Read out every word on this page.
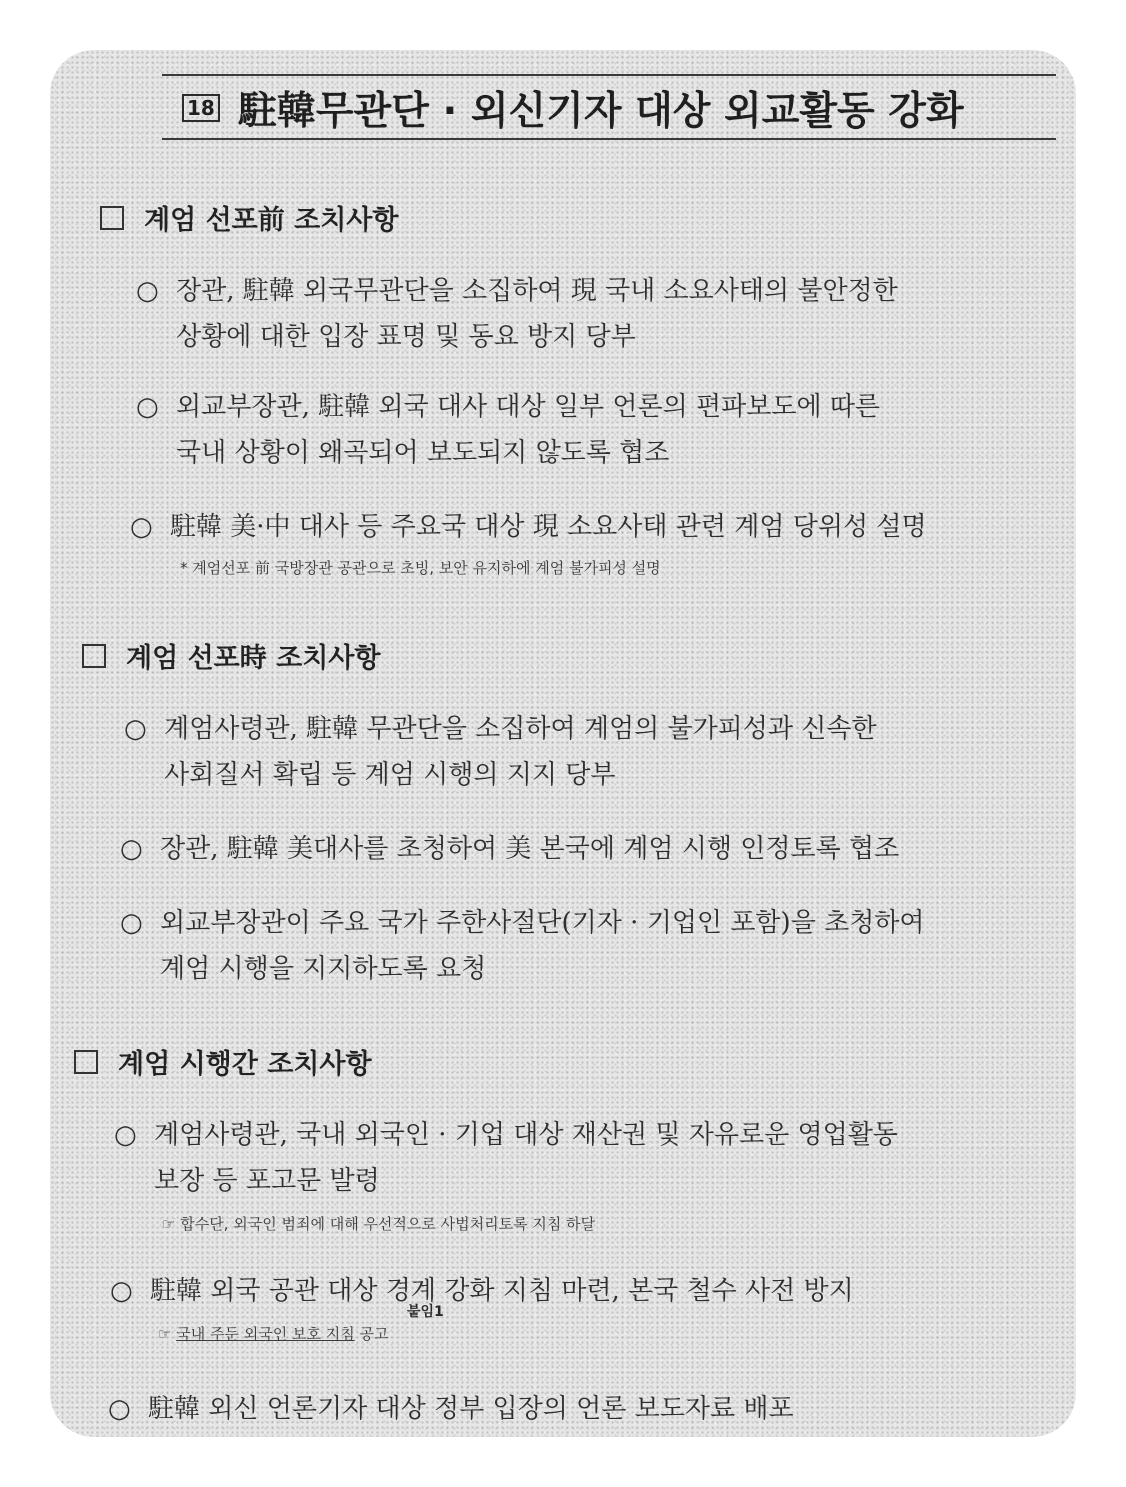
18 駐韓무관단 · 외신기자 대상 외교활동 강화
계엄 선포前 조치사항
○ 장관, 駐韓 외국무관단을 소집하여 現 국내 소요사태의 불안정한
상황에 대한 입장 표명 및 동요 방지 당부
○ 외교부장관, 駐韓 외국 대사 대상 일부 언론의 편파보도에 따른
국내 상황이 왜곡되어 보도되지 않도록 협조
○ 駐韓 美·中 대사 등 주요국 대상 現 소요사태 관련 계엄 당위성 설명
* 계엄선포 前 국방장관 공관으로 초빙, 보안 유지하에 계엄 불가피성 설명
계엄 선포時 조치사항
○ 계엄사령관, 駐韓 무관단을 소집하여 계엄의 불가피성과 신속한
사회질서 확립 등 계엄 시행의 지지 당부
○ 장관, 駐韓 美대사를 초청하여 美 본국에 계엄 시행 인정토록 협조
○ 외교부장관이 주요 국가 주한사절단(기자 · 기업인 포함)을 초청하여
계엄 시행을 지지하도록 요청
계엄 시행간 조치사항
○ 계엄사령관, 국내 외국인 · 기업 대상 재산권 및 자유로운 영업활동
보장 등 포고문 발령
☞ 합수단, 외국인 범죄에 대해 우선적으로 사법처리토록 지침 하달
○ 駐韓 외국 공관 대상 경계 강화 지침 마련, 본국 철수 사전 방지
붙임1
☞ 국내 주둔 외국인 보호 지침 공고
○ 駐韓 외신 언론기자 대상 정부 입장의 언론 보도자료 배포
